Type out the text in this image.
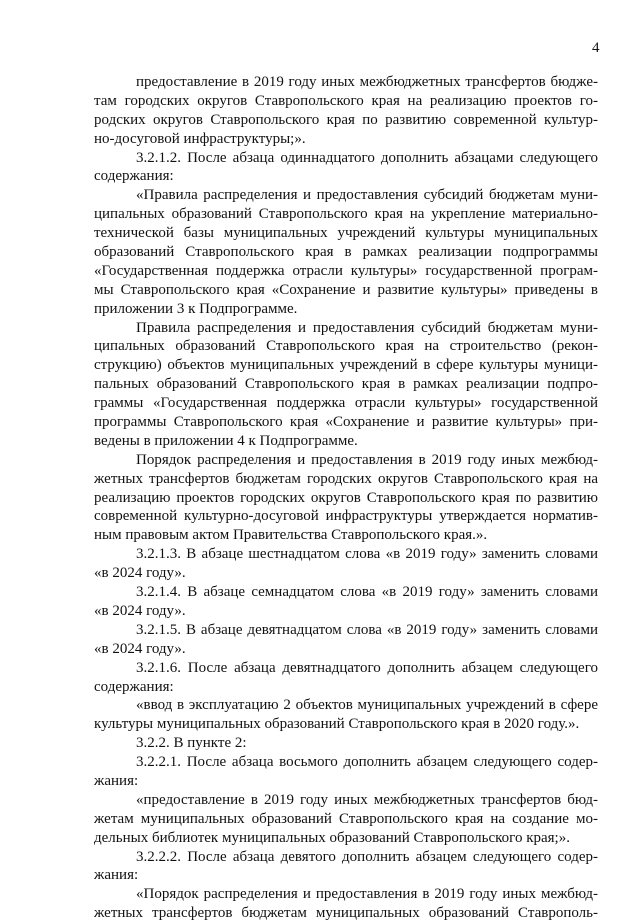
4
предоставление в 2019 году иных межбюджетных трансфертов бюдже-
там городских округов Ставропольского края на реализацию проектов го-
родских округов Ставропольского края по развитию современной культур-
но-досуговой инфраструктуры;».
3.2.1.2. После абзаца одиннадцатого дополнить абзацами следующего
содержания:
«Правила распределения и предоставления субсидий бюджетам муни-
ципальных образований Ставропольского края на укрепление материально-
технической базы муниципальных учреждений культуры муниципальных
образований Ставропольского края в рамках реализации подпрограммы
«Государственная поддержка отрасли культуры» государственной програм-
мы Ставропольского края «Сохранение и развитие культуры» приведены в
приложении 3 к Подпрограмме.
Правила распределения и предоставления субсидий бюджетам муни-
ципальных образований Ставропольского края на строительство (рекон-
струкцию) объектов муниципальных учреждений в сфере культуры муници-
пальных образований Ставропольского края в рамках реализации подпро-
граммы «Государственная поддержка отрасли культуры» государственной
программы Ставропольского края «Сохранение и развитие культуры» при-
ведены в приложении 4 к Подпрограмме.
Порядок распределения и предоставления в 2019 году иных межбюд-
жетных трансфертов бюджетам городских округов Ставропольского края на
реализацию проектов городских округов Ставропольского края по развитию
современной культурно-досуговой инфраструктуры утверждается норматив-
ным правовым актом Правительства Ставропольского края.».
3.2.1.3. В абзаце шестнадцатом слова «в 2019 году» заменить словами
«в 2024 году».
3.2.1.4. В абзаце семнадцатом слова «в 2019 году» заменить словами
«в 2024 году».
3.2.1.5. В абзаце девятнадцатом слова «в 2019 году» заменить словами
«в 2024 году».
3.2.1.6. После абзаца девятнадцатого дополнить абзацем следующего
содержания:
«ввод в эксплуатацию 2 объектов муниципальных учреждений в сфере
культуры муниципальных образований Ставропольского края в 2020 году.».
3.2.2. В пункте 2:
3.2.2.1. После абзаца восьмого дополнить абзацем следующего содер-
жания:
«предоставление в 2019 году иных межбюджетных трансфертов бюд-
жетам муниципальных образований Ставропольского края на создание мо-
дельных библиотек муниципальных образований Ставропольского края;».
3.2.2.2. После абзаца девятого дополнить абзацем следующего содер-
жания:
«Порядок распределения и предоставления в 2019 году иных межбюд-
жетных трансфертов бюджетам муниципальных образований Ставрополь-
